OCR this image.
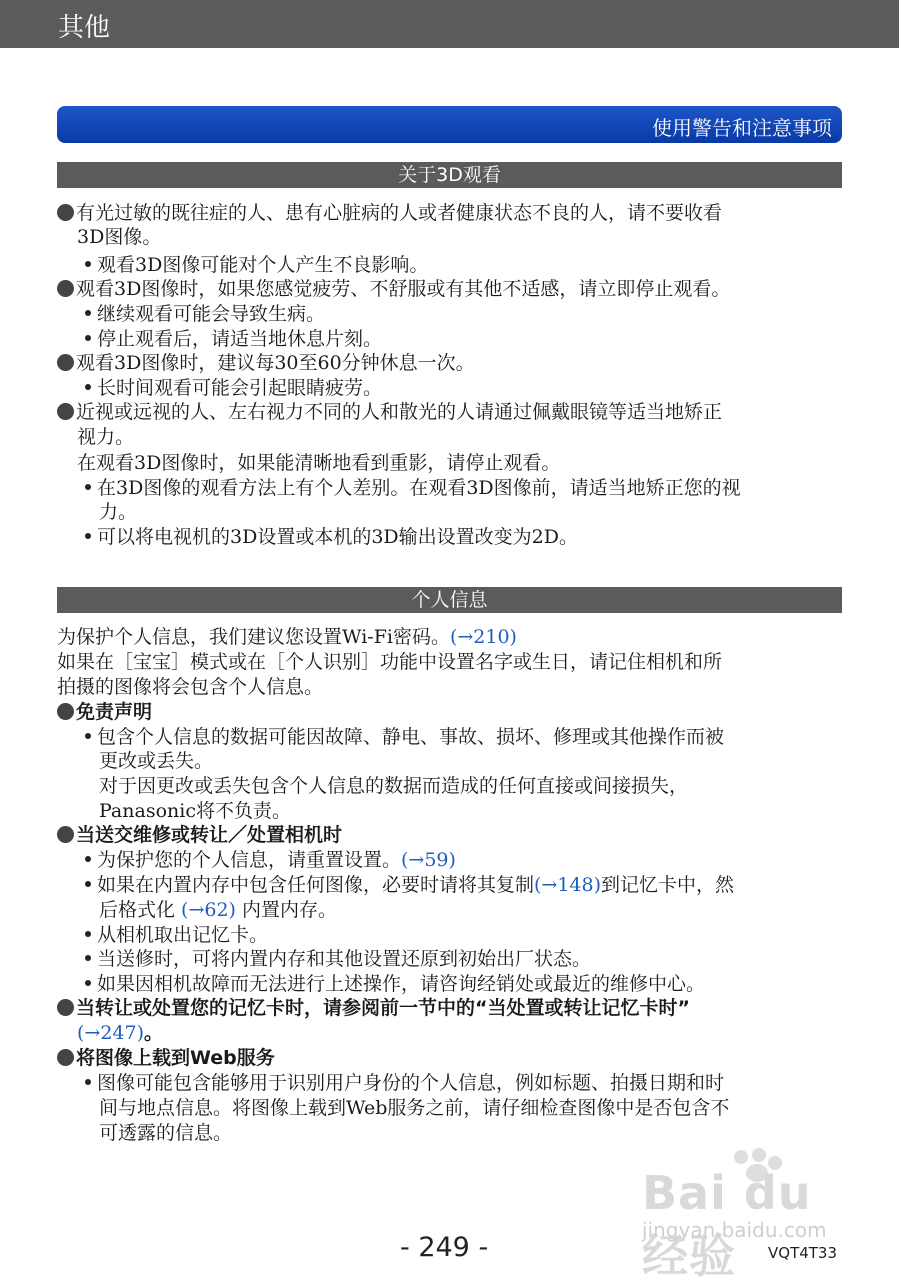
其他
使用警告和注意事项
关于3D观看
有光过敏的既往症的人、患有心脏病的人或者健康状态不良的人，请不要收看
3D图像。
观看3D图像可能对个人产生不良影响。
观看3D图像时，如果您感觉疲劳、不舒服或有其他不适感，请立即停止观看。
继续观看可能会导致生病。
停止观看后，请适当地休息片刻。
观看3D图像时，建议每30至60分钟休息一次。
长时间观看可能会引起眼睛疲劳。
近视或远视的人、左右视力不同的人和散光的人请通过佩戴眼镜等适当地矫正
视力。
在观看3D图像时，如果能清晰地看到重影，请停止观看。
在3D图像的观看方法上有个人差别。在观看3D图像前，请适当地矫正您的视
力。
可以将电视机的3D设置或本机的3D输出设置改变为2D。
个人信息
为保护个人信息，我们建议您设置Wi-Fi密码。(→210)
如果在［宝宝］模式或在［个人识别］功能中设置名字或生日，请记住相机和所
拍摄的图像将会包含个人信息。
免责声明
包含个人信息的数据可能因故障、静电、事故、损坏、修理或其他操作而被
更改或丢失。
对于因更改或丢失包含个人信息的数据而造成的任何直接或间接损失，
Panasonic将不负责。
当送交维修或转让／处置相机时
为保护您的个人信息，请重置设置。(→59)
如果在内置内存中包含任何图像，必要时请将其复制(→148)到记忆卡中，然
后格式化 (→62) 内置内存。
从相机取出记忆卡。
当送修时，可将内置内存和其他设置还原到初始出厂状态。
如果因相机故障而无法进行上述操作，请咨询经销处或最近的维修中心。
当转让或处置您的记忆卡时，请参阅前一节中的“当处置或转让记忆卡时”
(→247)。
将图像上载到Web服务
图像可能包含能够用于识别用户身份的个人信息，例如标题、拍摄日期和时
间与地点信息。将图像上载到Web服务之前，请仔细检查图像中是否包含不
可透露的信息。
Bai du 经验
jingyan.baidu.com
- 249 -	VQT4T33
